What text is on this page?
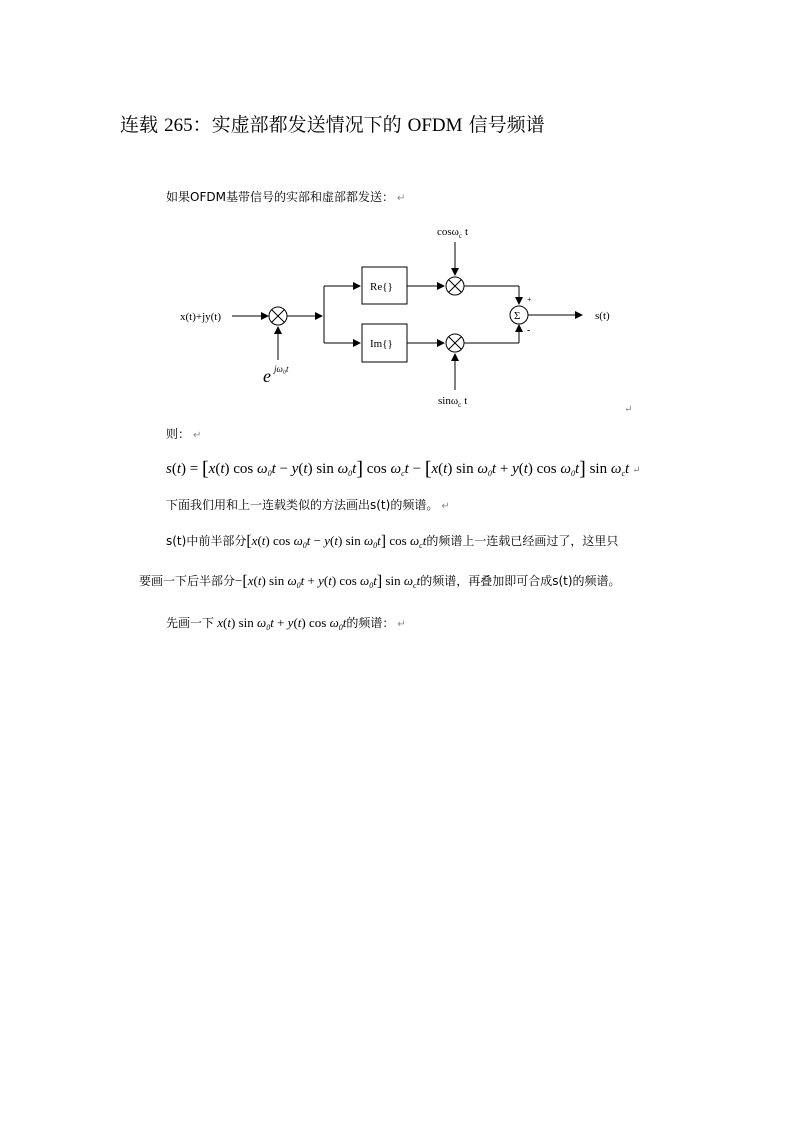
连载 265：实虚部都发送情况下的 OFDM 信号频谱
如果OFDM基带信号的实部和虚部都发送： ↵
x(t)+jy(t)
e jω₀t
Re{}
Im{}
cosω$_c$ t
sinω$_c$ t
Σ
+
-
s(t)
↵
则： ↵
s(t) = [x(t) $\cos \omega_0t - y(t)$ $\sin \omega_0t$] $\cos \omega_ct - [x(t)$ $\sin \omega_0t + y(t)$ $\cos \omega_0t$] $\sin \omega_ct$ ↵
下面我们用和上一连载类似的方法画出s(t)的频谱。 ↵
s(t)中前半部分[x(t) $\cos \omega_0t - y(t)$ $\sin \omega_0t$] $\cos \omega_ct$的频谱上一连载已经画过了，这里只
要画一下后半部分−[x(t) $\sin \omega_0t + y(t)$ $\cos \omega_0t$] $\sin \omega_ct$的频谱，再叠加即可合成s(t)的频谱。
先画一下 x(t) $\sin \omega_0t + y(t)$ $\cos \omega_0t$的频谱： ↵
